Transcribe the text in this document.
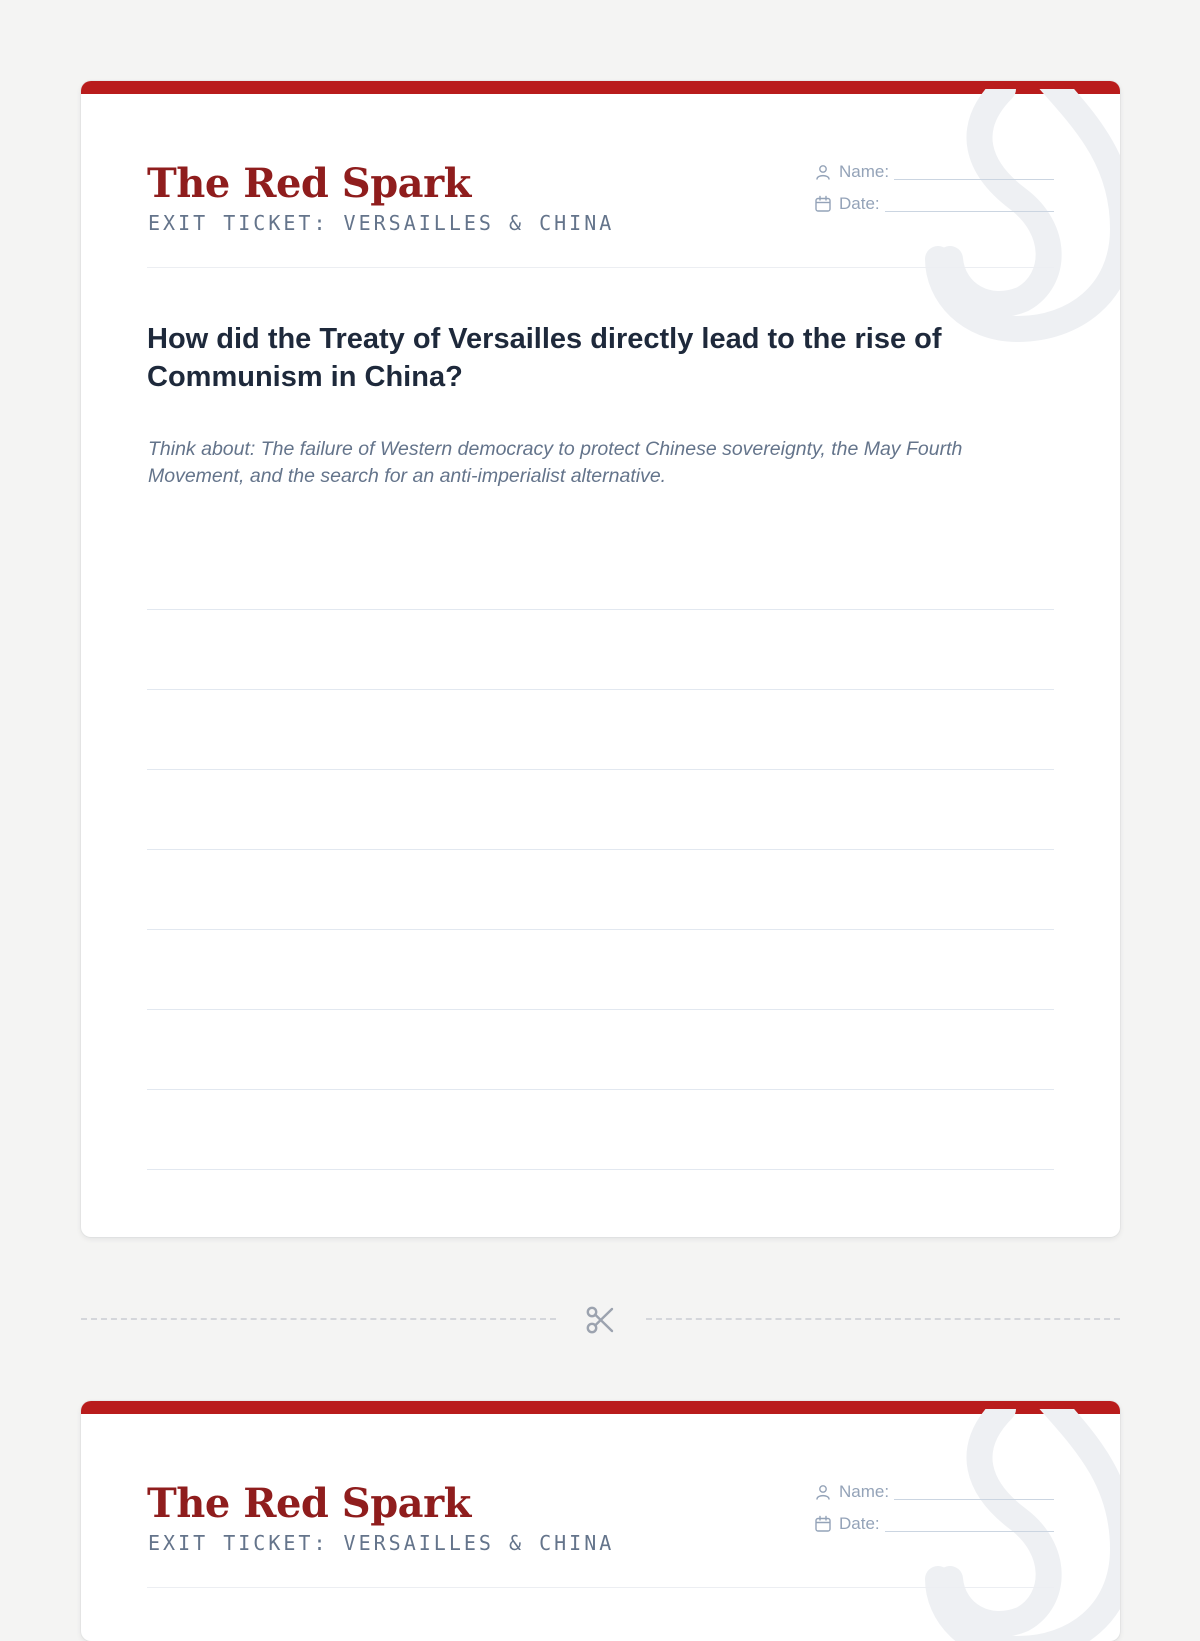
The Red Spark
EXIT TICKET: VERSAILLES & CHINA
Name:
Date:
How did the Treaty of Versailles directly lead to the rise of Communism in China?

Think about: The failure of Western democracy to protect Chinese sovereignty, the May Fourth Movement, and the search for an anti-imperialist alternative.

The Red Spark
EXIT TICKET: VERSAILLES & CHINA
Name:
Date:
